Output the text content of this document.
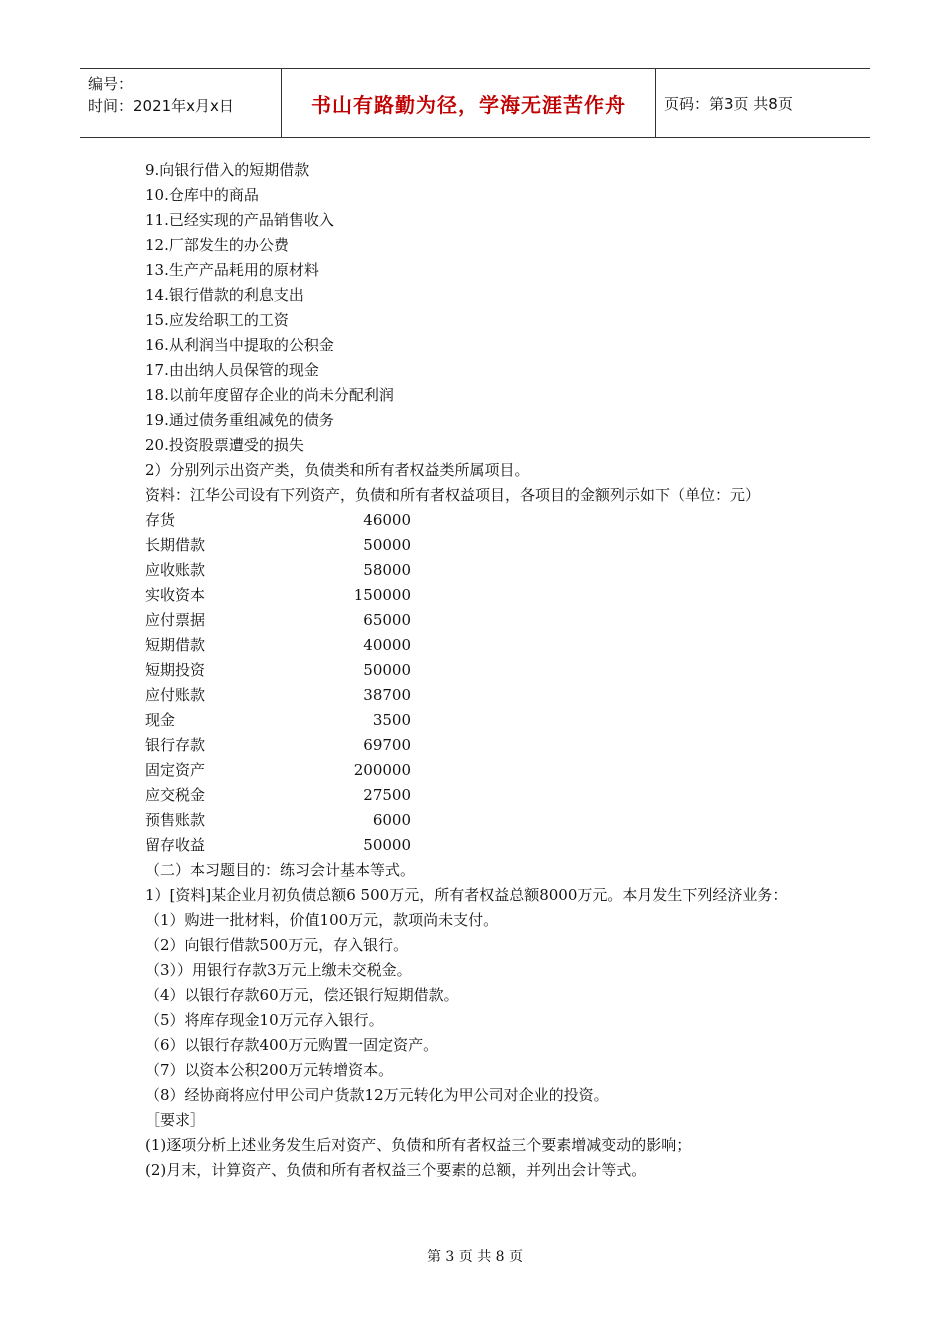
编号：
时间：2021年x月x日	书山有路勤为径，学海无涯苦作舟	页码：第3页 共8页
9.向银行借入的短期借款
10.仓库中的商品
11.已经实现的产品销售收入
12.厂部发生的办公费
13.生产产品耗用的原材料
14.银行借款的利息支出
15.应发给职工的工资
16.从利润当中提取的公积金
17.由出纳人员保管的现金
18.以前年度留存企业的尚未分配利润
19.通过债务重组减免的债务
20.投资股票遭受的损失
2）分别列示出资产类，负债类和所有者权益类所属项目。
资料：江华公司设有下列资产，负债和所有者权益项目，各项目的金额列示如下（单位：元）
存货	46000
长期借款	50000
应收账款	58000
实收资本	150000
应付票据	65000
短期借款	40000
短期投资	50000
应付账款	38700
现金	3500
银行存款	69700
固定资产	200000
应交税金	27500
预售账款	6000
留存收益	50000
（二）本习题目的：练习会计基本等式。
1）[资料]某企业月初负债总额6 500万元，所有者权益总额8000万元。本月发生下列经济业务：
（1）购进一批材料，价值100万元，款项尚未支付。
（2）向银行借款500万元，存入银行。
（3））用银行存款3万元上缴未交税金。
（4）以银行存款60万元，偿还银行短期借款。
（5）将库存现金10万元存入银行。
（6）以银行存款400万元购置一固定资产。
（7）以资本公积200万元转增资本。
（8）经协商将应付甲公司户货款12万元转化为甲公司对企业的投资。
［要求］
(1)逐项分析上述业务发生后对资产、负债和所有者权益三个要素增减变动的影响；
(2)月末，计算资产、负债和所有者权益三个要素的总额，并列出会计等式。
第 3 页 共 8 页
